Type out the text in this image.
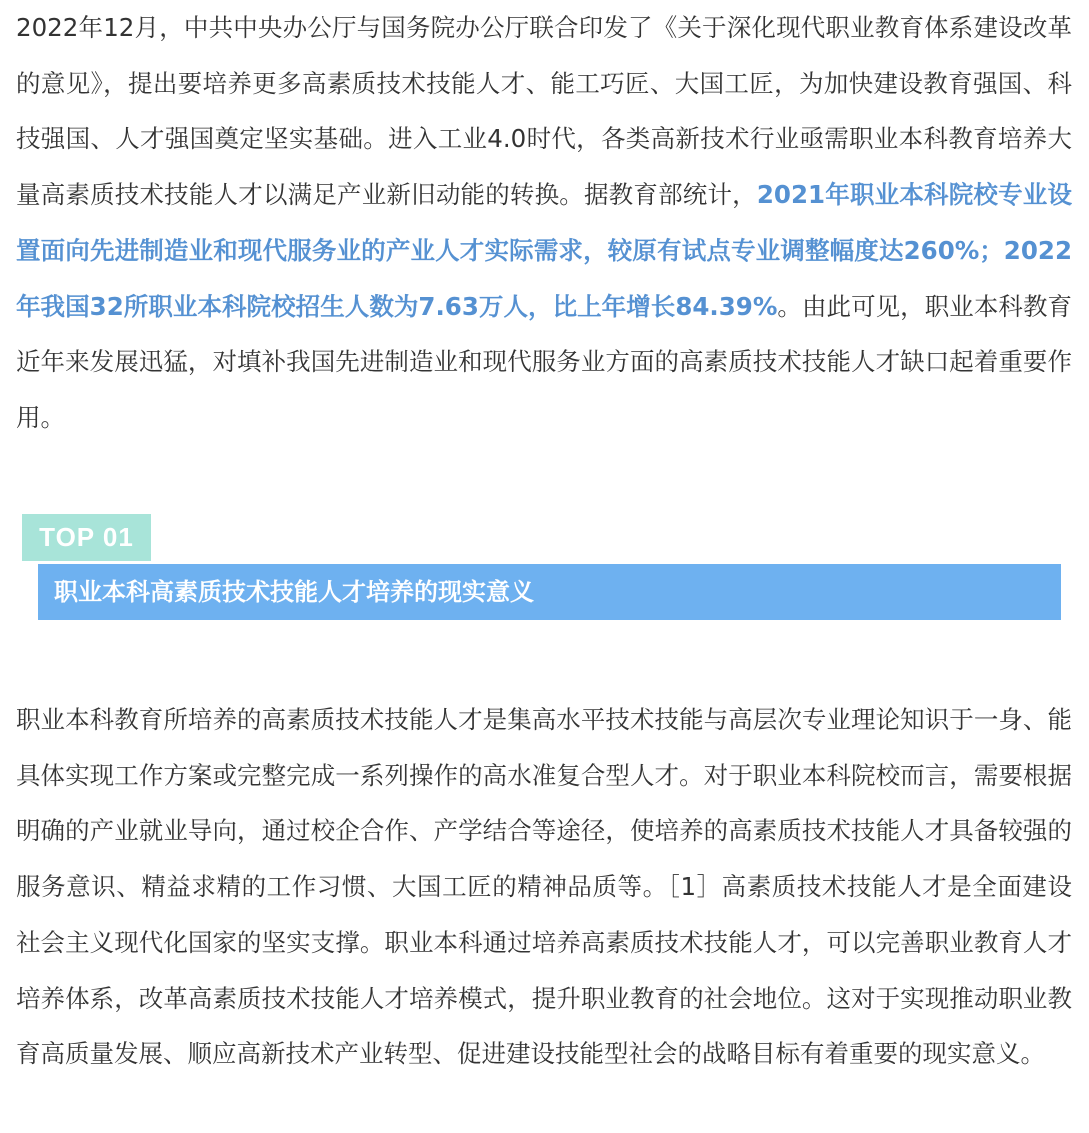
2022年12月，中共中央办公厅与国务院办公厅联合印发了《关于深化现代职业教育体系建设改革的意见》，提出要培养更多高素质技术技能人才、能工巧匠、大国工匠，为加快建设教育强国、科技强国、人才强国奠定坚实基础。进入工业4.0时代，各类高新技术行业亟需职业本科教育培养大量高素质技术技能人才以满足产业新旧动能的转换。据教育部统计，2021年职业本科院校专业设置面向先进制造业和现代服务业的产业人才实际需求，较原有试点专业调整幅度达260%；2022年我国32所职业本科院校招生人数为7.63万人，比上年增长84.39%。由此可见，职业本科教育近年来发展迅猛，对填补我国先进制造业和现代服务业方面的高素质技术技能人才缺口起着重要作用。

TOP 01
职业本科高素质技术技能人才培养的现实意义

职业本科教育所培养的高素质技术技能人才是集高水平技术技能与高层次专业理论知识于一身、能具体实现工作方案或完整完成一系列操作的高水准复合型人才。对于职业本科院校而言，需要根据明确的产业就业导向，通过校企合作、产学结合等途径，使培养的高素质技术技能人才具备较强的服务意识、精益求精的工作习惯、大国工匠的精神品质等。［1］高素质技术技能人才是全面建设社会主义现代化国家的坚实支撑。职业本科通过培养高素质技术技能人才，可以完善职业教育人才培养体系，改革高素质技术技能人才培养模式，提升职业教育的社会地位。这对于实现推动职业教育高质量发展、顺应高新技术产业转型、促进建设技能型社会的战略目标有着重要的现实意义。
